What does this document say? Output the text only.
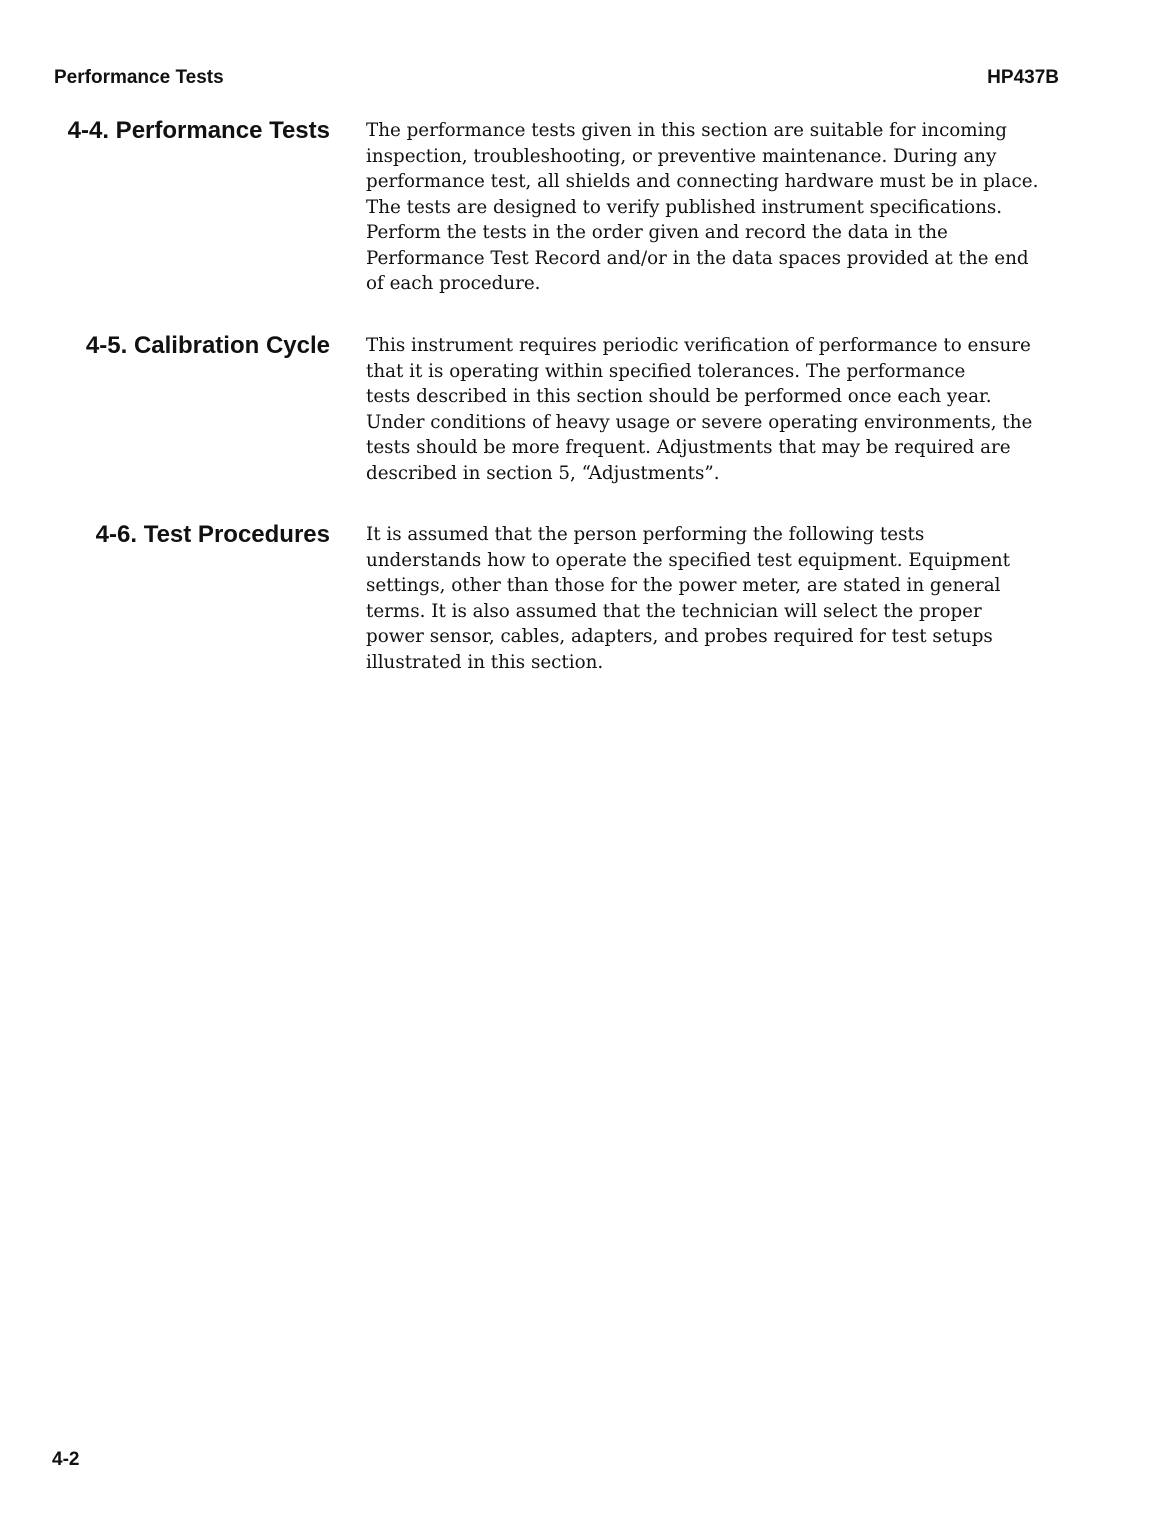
Performance Tests	HP437B
4-4. Performance Tests The performance tests given in this section are suitable for incoming
inspection, troubleshooting, or preventive maintenance. During any
performance test, all shields and connecting hardware must be in place.
The tests are designed to verify published instrument specifications.
Perform the tests in the order given and record the data in the
Performance Test Record and/or in the data spaces provided at the end
of each procedure.

4-5. Calibration Cycle This instrument requires periodic verification of performance to ensure
that it is operating within specified tolerances. The performance
tests described in this section should be performed once each year.
Under conditions of heavy usage or severe operating environments, the
tests should be more frequent. Adjustments that may be required are
described in section 5, “Adjustments”.

4-6. Test Procedures It is assumed that the person performing the following tests
understands how to operate the specified test equipment. Equipment
settings, other than those for the power meter, are stated in general
terms. It is also assumed that the technician will select the proper
power sensor, cables, adapters, and probes required for test setups
illustrated in this section.

4-2
